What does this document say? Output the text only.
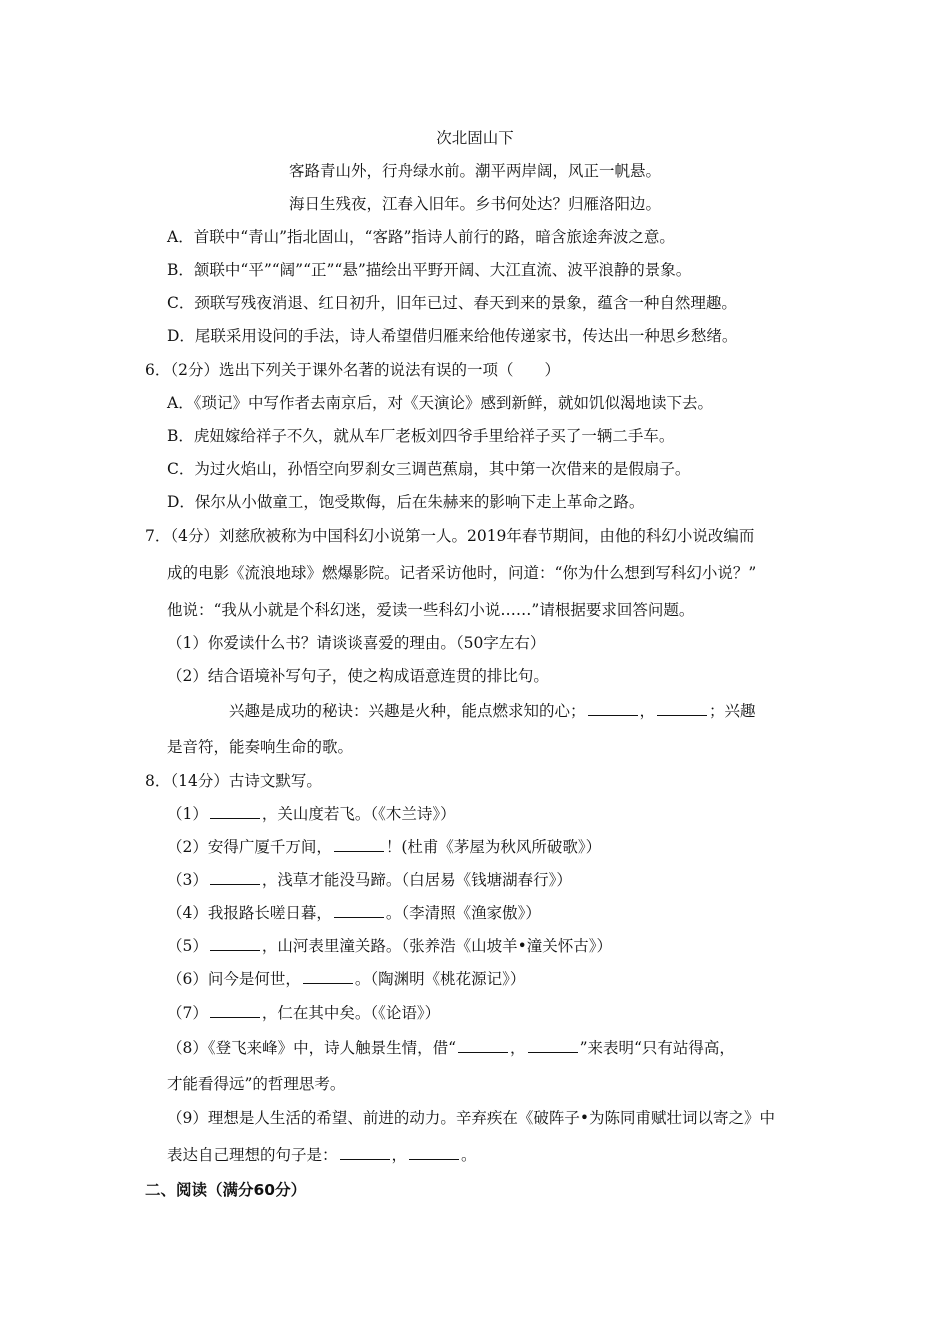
次北固山下
客路青山外，行舟绿水前。潮平两岸阔，风正一帆悬。
海日生残夜，江春入旧年。乡书何处达？归雁洛阳边。
A．首联中“青山”指北固山，“客路”指诗人前行的路，暗含旅途奔波之意。
B．颔联中“平”“阔”“正”“悬”描绘出平野开阔、大江直流、波平浪静的景象。
C．颈联写残夜消退、红日初升，旧年已过、春天到来的景象，蕴含一种自然理趣。
D．尾联采用设问的手法，诗人希望借归雁来给他传递家书，传达出一种思乡愁绪。
6．（2分）选出下列关于课外名著的说法有误的一项（　　）
A．《琐记》中写作者去南京后，对《天演论》感到新鲜，就如饥似渴地读下去。
B．虎妞嫁给祥子不久，就从车厂老板刘四爷手里给祥子买了一辆二手车。
C．为过火焰山，孙悟空向罗刹女三调芭蕉扇，其中第一次借来的是假扇子。
D．保尔从小做童工，饱受欺侮，后在朱赫来的影响下走上革命之路。
7．（4分）刘慈欣被称为中国科幻小说第一人。2019年春节期间，由他的科幻小说改编而
成的电影《流浪地球》燃爆影院。记者采访他时，问道：“你为什么想到写科幻小说？”
他说：“我从小就是个科幻迷，爱读一些科幻小说……”请根据要求回答问题。
（1）你爱读什么书？请谈谈喜爱的理由。（50字左右）
（2）结合语境补写句子，使之构成语意连贯的排比句。
兴趣是成功的秘诀：兴趣是火种，能点燃求知的心；	，	；兴趣
是音符，能奏响生命的歌。
8．（14分）古诗文默写。
（1）	，关山度若飞。（《木兰诗》）
（2）安得广厦千万间，	！(杜甫《茅屋为秋风所破歌》）
（3）	，浅草才能没马蹄。（白居易《钱塘湖春行》）
（4）我报路长嗟日暮，	。（李清照《渔家傲》）
（5）	，山河表里潼关路。（张养浩《山坡羊•潼关怀古》）
（6）问今是何世，	。（陶渊明《桃花源记》）
（7）	，仁在其中矣。（《论语》）
（8）《登飞来峰》中，诗人触景生情，借“	，	”来表明“只有站得高，
才能看得远”的哲理思考。
（9）理想是人生活的希望、前进的动力。辛弃疾在《破阵子•为陈同甫赋壮词以寄之》中
表达自己理想的句子是：	，	。
二、阅读（满分60分）
